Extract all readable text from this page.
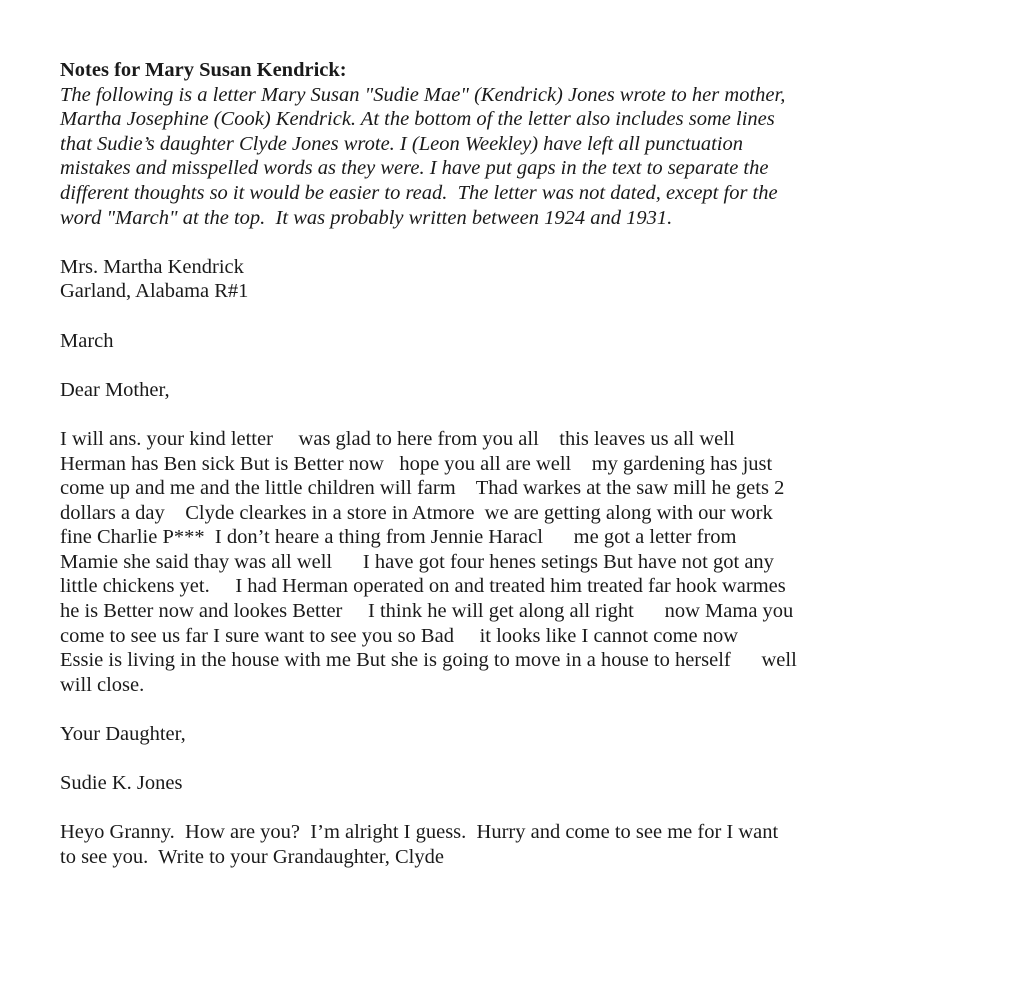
Notes for Mary Susan Kendrick:
The following is a letter Mary Susan "Sudie Mae" (Kendrick) Jones wrote to her mother,
Martha Josephine (Cook) Kendrick. At the bottom of the letter also includes some lines
that Sudie’s daughter Clyde Jones wrote. I (Leon Weekley) have left all punctuation
mistakes and misspelled words as they were. I have put gaps in the text to separate the
different thoughts so it would be easier to read.  The letter was not dated, except for the
word "March" at the top.  It was probably written between 1924 and 1931.
Mrs. Martha Kendrick
Garland, Alabama R#1
March
Dear Mother,
I will ans. your kind letter     was glad to here from you all    this leaves us all well
Herman has Ben sick But is Better now   hope you all are well    my gardening has just
come up and me and the little children will farm    Thad warkes at the saw mill he gets 2
dollars a day    Clyde clearkes in a store in Atmore  we are getting along with our work
fine Charlie P***  I don’t heare a thing from Jennie Haracl      me got a letter from
Mamie she said thay was all well      I have got four henes setings But have not got any
little chickens yet.     I had Herman operated on and treated him treated far hook warmes
he is Better now and lookes Better     I think he will get along all right      now Mama you
come to see us far I sure want to see you so Bad     it looks like I cannot come now
Essie is living in the house with me But she is going to move in a house to herself      well
will close.
Your Daughter,
Sudie K. Jones
Heyo Granny.  How are you?  I’m alright I guess.  Hurry and come to see me for I want
to see you.  Write to your Grandaughter, Clyde
